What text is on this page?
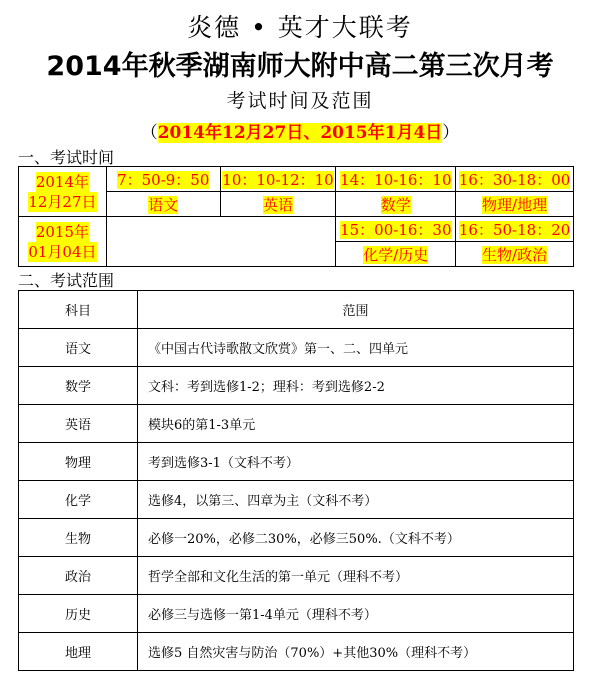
炎德 • 英才大联考
2014年秋季湖南师大附中高二第三次月考
考试时间及范围
（2014年12月27日、2015年1月4日）
一、考试时间
2014年
12月27日	7：50-9：50	10：10-12：10	14：10-16：10	16：30-18：00
	语文	英语	数学	物理/地理
2015年
01月04日			15：00-16：30	16：50-18：20
			化学/历史	生物/政治
二、考试范围
科目	范围
语文	《中国古代诗歌散文欣赏》第一、二、四单元
数学	文科：考到选修1-2；理科：考到选修2-2
英语	模块6的第1-3单元
物理	考到选修3-1（文科不考）
化学	选修4，以第三、四章为主（文科不考）
生物	必修一20%，必修二30%，必修三50%.（文科不考）
政治	哲学全部和文化生活的第一单元（理科不考）
历史	必修三与选修一第1-4单元（理科不考）
地理	选修5 自然灾害与防治（70%）+其他30%（理科不考）
